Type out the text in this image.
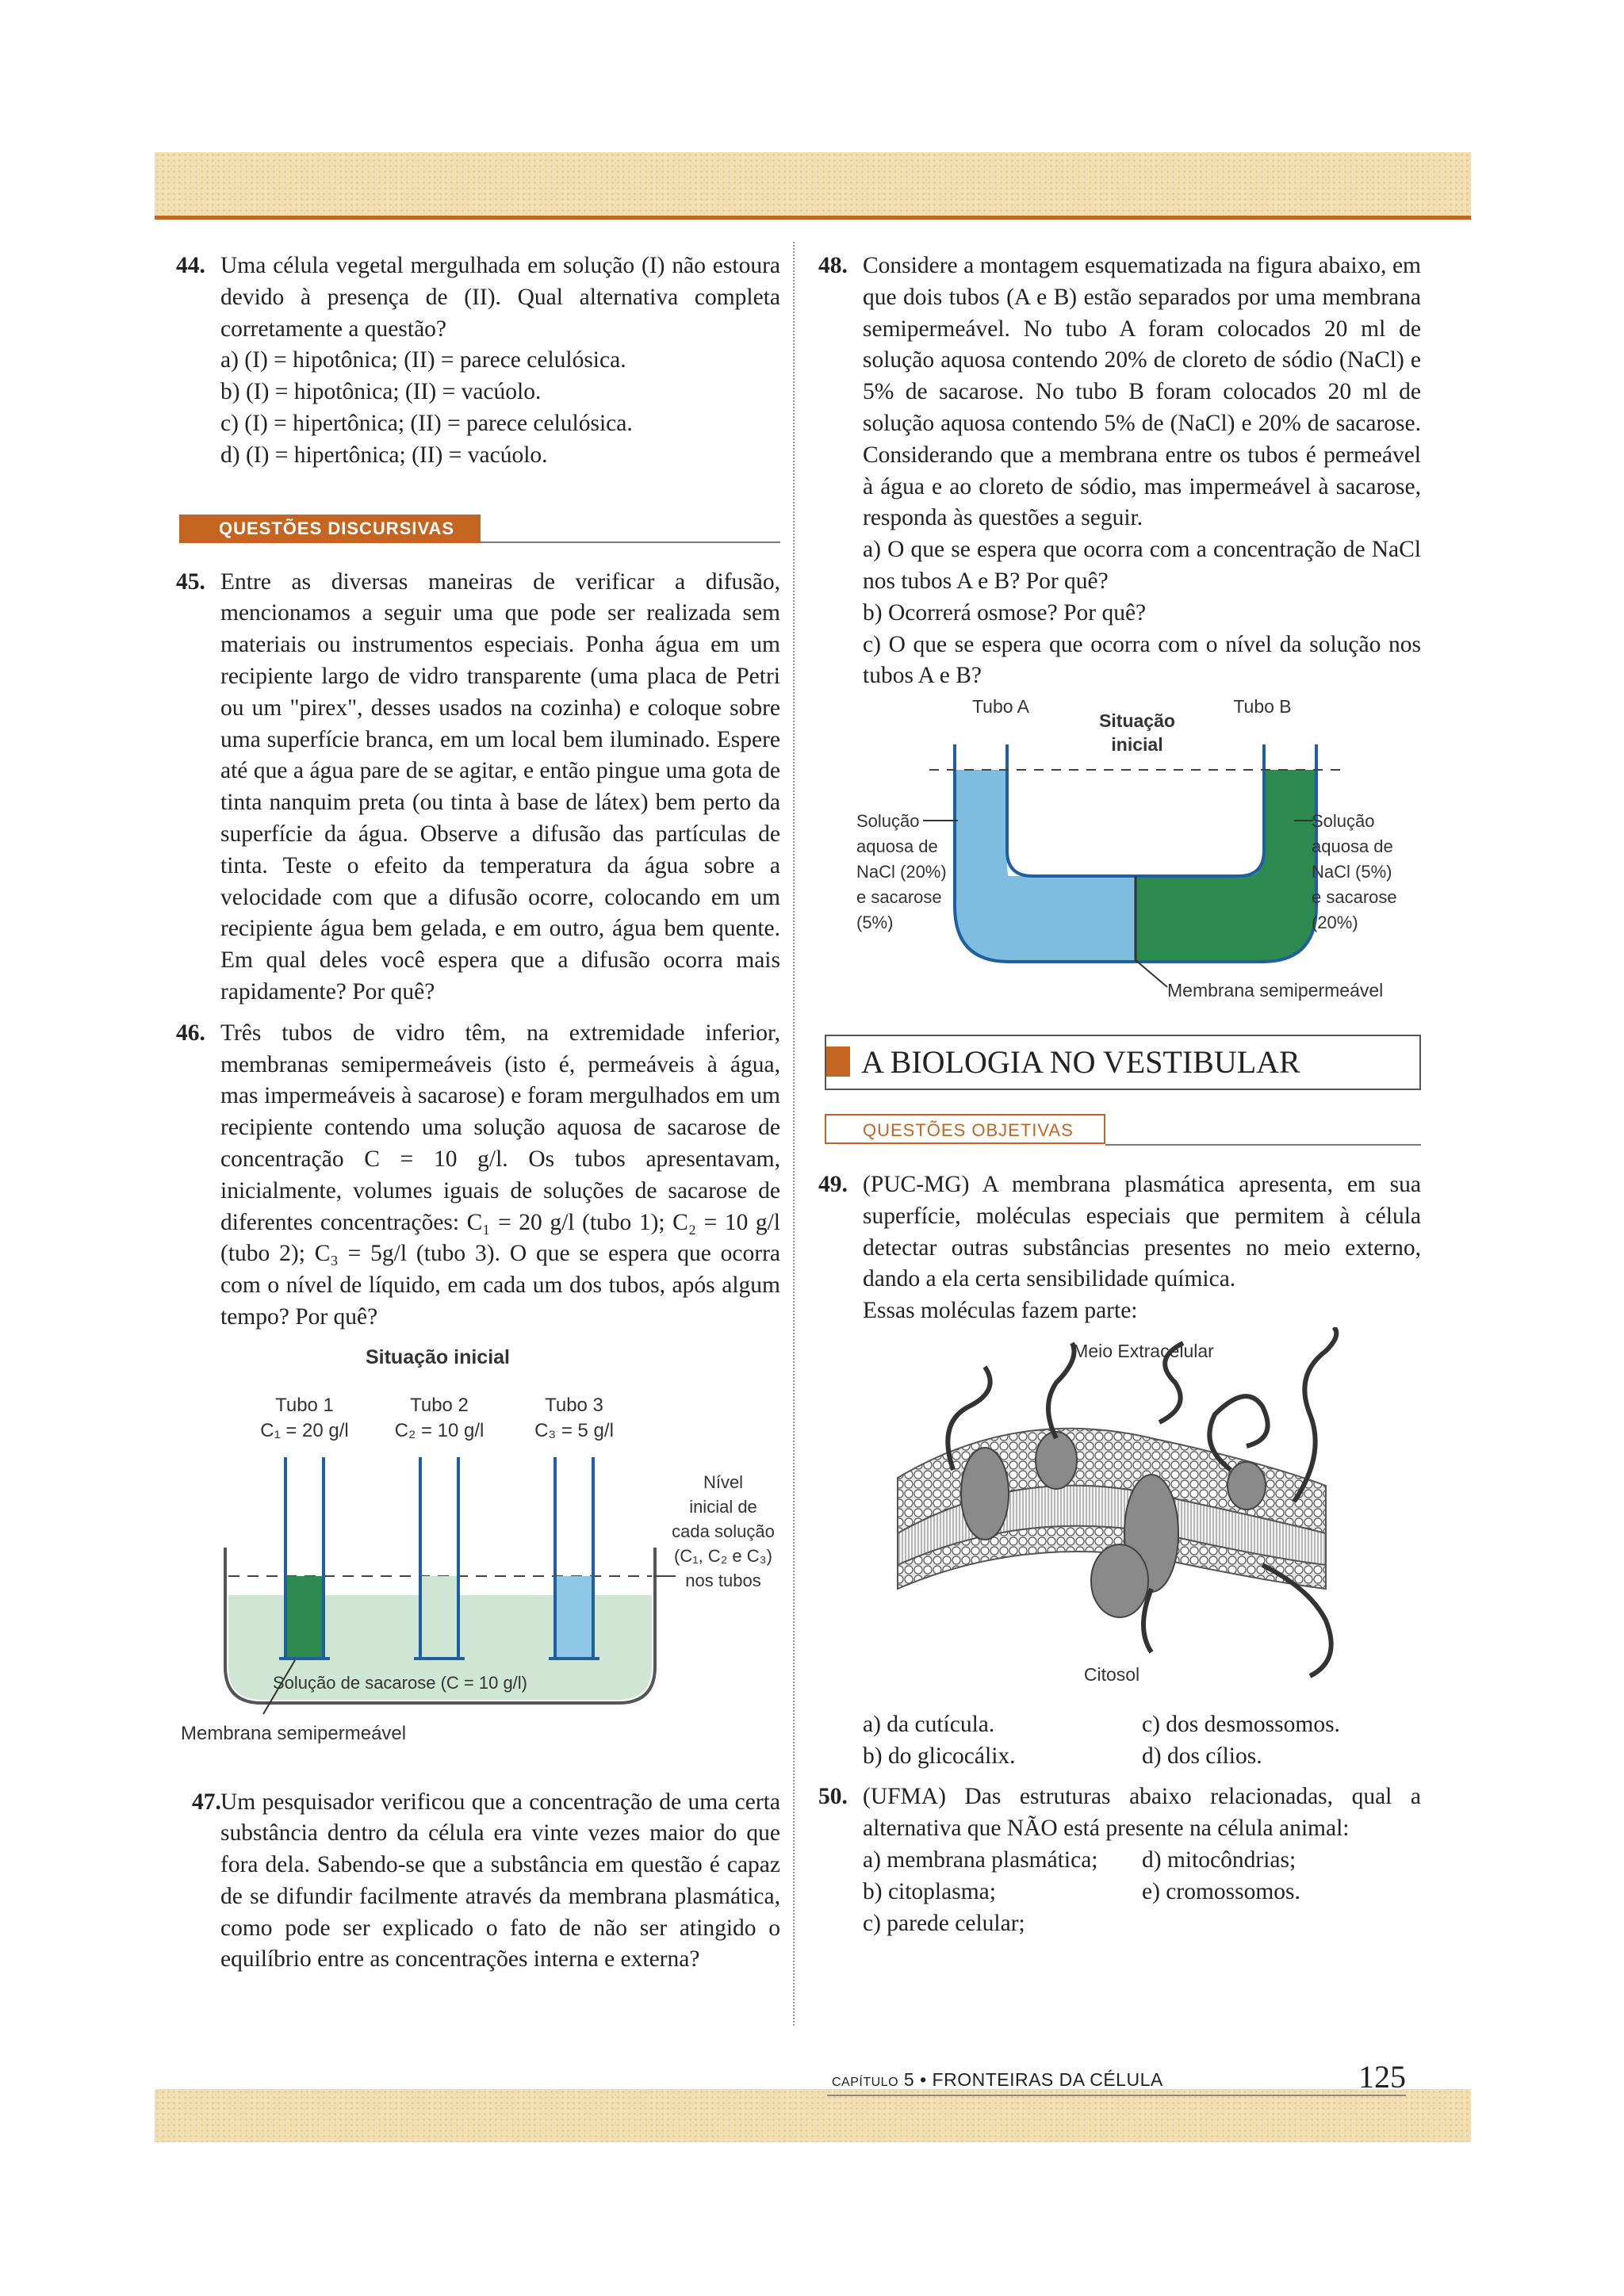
44. Uma célula vegetal mergulhada em solução (I) não estoura devido à presença de (II). Qual alternativa completa corretamente a questão?
a) (I) = hipotônica; (II) = parece celulósica.
b) (I) = hipotônica; (II) = vacúolo.
c) (I) = hipertônica; (II) = parece celulósica.
d) (I) = hipertônica; (II) = vacúolo.
QUESTÕES DISCURSIVAS
45. Entre as diversas maneiras de verificar a difusão, mencionamos a seguir uma que pode ser realizada sem materiais ou instrumentos especiais. Ponha água em um recipiente largo de vidro transparente (uma placa de Petri ou um "pirex", desses usados na cozinha) e coloque sobre uma superfície branca, em um local bem iluminado. Espere até que a água pare de se agitar, e então pingue uma gota de tinta nanquim preta (ou tinta à base de látex) bem perto da superfície da água. Observe a difusão das partículas de tinta. Teste o efeito da temperatura da água sobre a velocidade com que a difusão ocorre, colocando em um recipiente água bem gelada, e em outro, água bem quente. Em qual deles você espera que a difusão ocorra mais rapidamente? Por quê?
46. Três tubos de vidro têm, na extremidade inferior, membranas semipermeáveis (isto é, permeáveis à água, mas impermeáveis à sacarose) e foram mergulhados em um recipiente contendo uma solução aquosa de sacarose de concentração C = 10 g/l. Os tubos apresentavam, inicialmente, volumes iguais de soluções de sacarose de diferentes concentrações: C₁ = 20 g/l (tubo 1); C₂ = 10 g/l (tubo 2); C₃ = 5g/l (tubo 3). O que se espera que ocorra com o nível de líquido, em cada um dos tubos, após algum tempo? Por quê?
Situação inicial
Tubo 1
C₁ = 20 g/l
Tubo 2
C₂ = 10 g/l
Tubo 3
C₃ = 5 g/l
Nível
inicial de
cada solução
(C₁, C₂ e C₃)
nos tubos
Solução de sacarose (C = 10 g/l)
Membrana semipermeável
47. Um pesquisador verificou que a concentração de uma certa substância dentro da célula era vinte vezes maior do que fora dela. Sabendo-se que a substância em questão é capaz de se difundir facilmente através da membrana plasmática, como pode ser explicado o fato de não ser atingido o equilíbrio entre as concentrações interna e externa?
48. Considere a montagem esquematizada na figura abaixo, em que dois tubos (A e B) estão separados por uma membrana semipermeável. No tubo A foram colocados 20 ml de solução aquosa contendo 20% de cloreto de sódio (NaCl) e 5% de sacarose. No tubo B foram colocados 20 ml de solução aquosa contendo 5% de (NaCl) e 20% de sacarose. Considerando que a membrana entre os tubos é permeável à água e ao cloreto de sódio, mas impermeável à sacarose, responda às questões a seguir.
a) O que se espera que ocorra com a concentração de NaCl nos tubos A e B? Por quê?
b) Ocorrerá osmose? Por quê?
c) O que se espera que ocorra com o nível da solução nos tubos A e B?
Tubo A	Tubo B
Situação
inicial
Solução
aquosa de
NaCl (20%)
e sacarose
(5%)
Solução
aquosa de
NaCl (5%)
e sacarose
(20%)
Membrana semipermeável
A BIOLOGIA NO VESTIBULAR
QUESTÕES OBJETIVAS
49. (PUC-MG) A membrana plasmática apresenta, em sua superfície, moléculas especiais que permitem à célula detectar outras substâncias presentes no meio externo, dando a ela certa sensibilidade química.
Essas moléculas fazem parte:
Meio Extracelular
Citosol
a) da cutícula.	c) dos desmossomos.
b) do glicocálix.	d) dos cílios.
50. (UFMA) Das estruturas abaixo relacionadas, qual a alternativa que NÃO está presente na célula animal:
a) membrana plasmática;	d) mitocôndrias;
b) citoplasma;	e) cromossomos.
c) parede celular;
CAPÍTULO 5 • FRONTEIRAS DA CÉLULA	125
